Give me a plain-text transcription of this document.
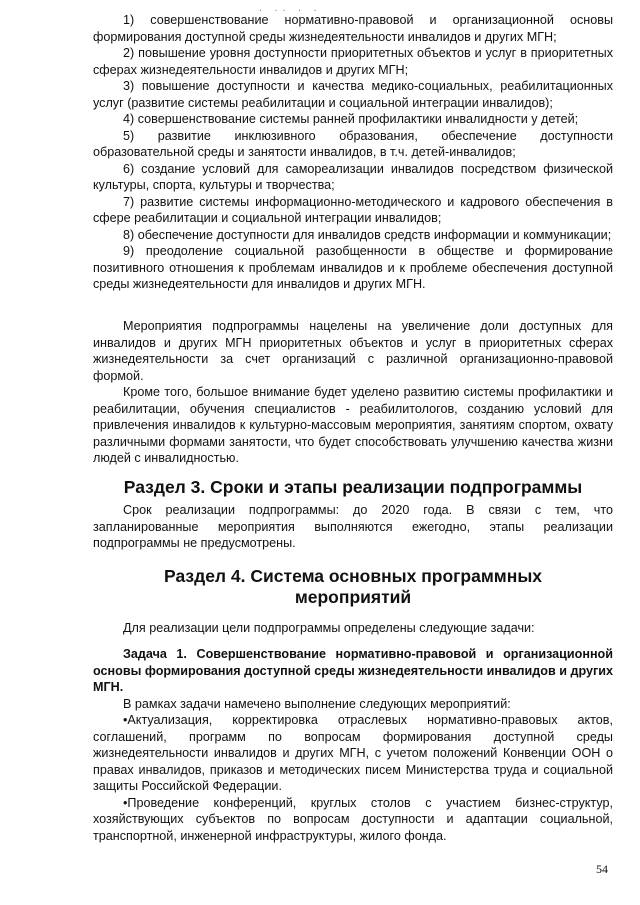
· ·· · ·

1) совершенствование нормативно-правовой и организационной основы формирования доступной среды жизнедеятельности инвалидов и других МГН;

2) повышение уровня доступности приоритетных объектов и услуг в приоритетных сферах жизнедеятельности инвалидов и других МГН;

3) повышение доступности и качества медико-социальных, реабилитационных услуг (развитие системы реабилитации и социальной интеграции инвалидов);

4) совершенствование системы ранней профилактики инвалидности у детей;

5) развитие инклюзивного образования, обеспечение доступности образовательной среды и занятости инвалидов, в т.ч. детей-инвалидов;

6) создание условий для самореализации инвалидов посредством физической культуры, спорта, культуры и творчества;

7) развитие системы информационно-методического и кадрового обеспечения в сфере реабилитации и социальной интеграции инвалидов;

8) обеспечение доступности для инвалидов средств информации и коммуникации;

9) преодоление социальной разобщенности в обществе и формирование позитивного отношения к проблемам инвалидов и к проблеме обеспечения доступной среды жизнедеятельности для инвалидов и других МГН.

Мероприятия подпрограммы нацелены на увеличение доли доступных для инвалидов и других МГН приоритетных объектов и услуг в приоритетных сферах жизнедеятельности за счет организаций с различной организационно-правовой формой.

Кроме того, большое внимание будет уделено развитию системы профилактики и реабилитации, обучения специалистов - реабилитологов, созданию условий для привлечения инвалидов к культурно-массовым мероприятия, занятиям спортом, охвату различными формами занятости, что будет способствовать улучшению качества жизни людей с инвалидностью.

Раздел 3. Сроки и этапы реализации подпрограммы

Срок реализации подпрограммы: до 2020 года. В связи с тем, что запланированные мероприятия выполняются ежегодно, этапы реализации подпрограммы не предусмотрены.

Раздел 4. Система основных программных
мероприятий

Для реализации цели подпрограммы определены следующие задачи:

Задача 1. Совершенствование нормативно-правовой и организационной основы формирования доступной среды жизнедеятельности инвалидов и других МГН.

В рамках задачи намечено выполнение следующих мероприятий:

•Актуализация, корректировка отраслевых нормативно-правовых актов, соглашений, программ по вопросам формирования доступной среды жизнедеятельности инвалидов и других МГН, с учетом положений Конвенции ООН о правах инвалидов, приказов и методических писем Министерства труда и социальной защиты Российской Федерации.

•Проведение конференций, круглых столов с участием бизнес-структур, хозяйствующих субъектов по вопросам доступности и адаптации социальной, транспортной, инженерной инфраструктуры, жилого фонда.

54
